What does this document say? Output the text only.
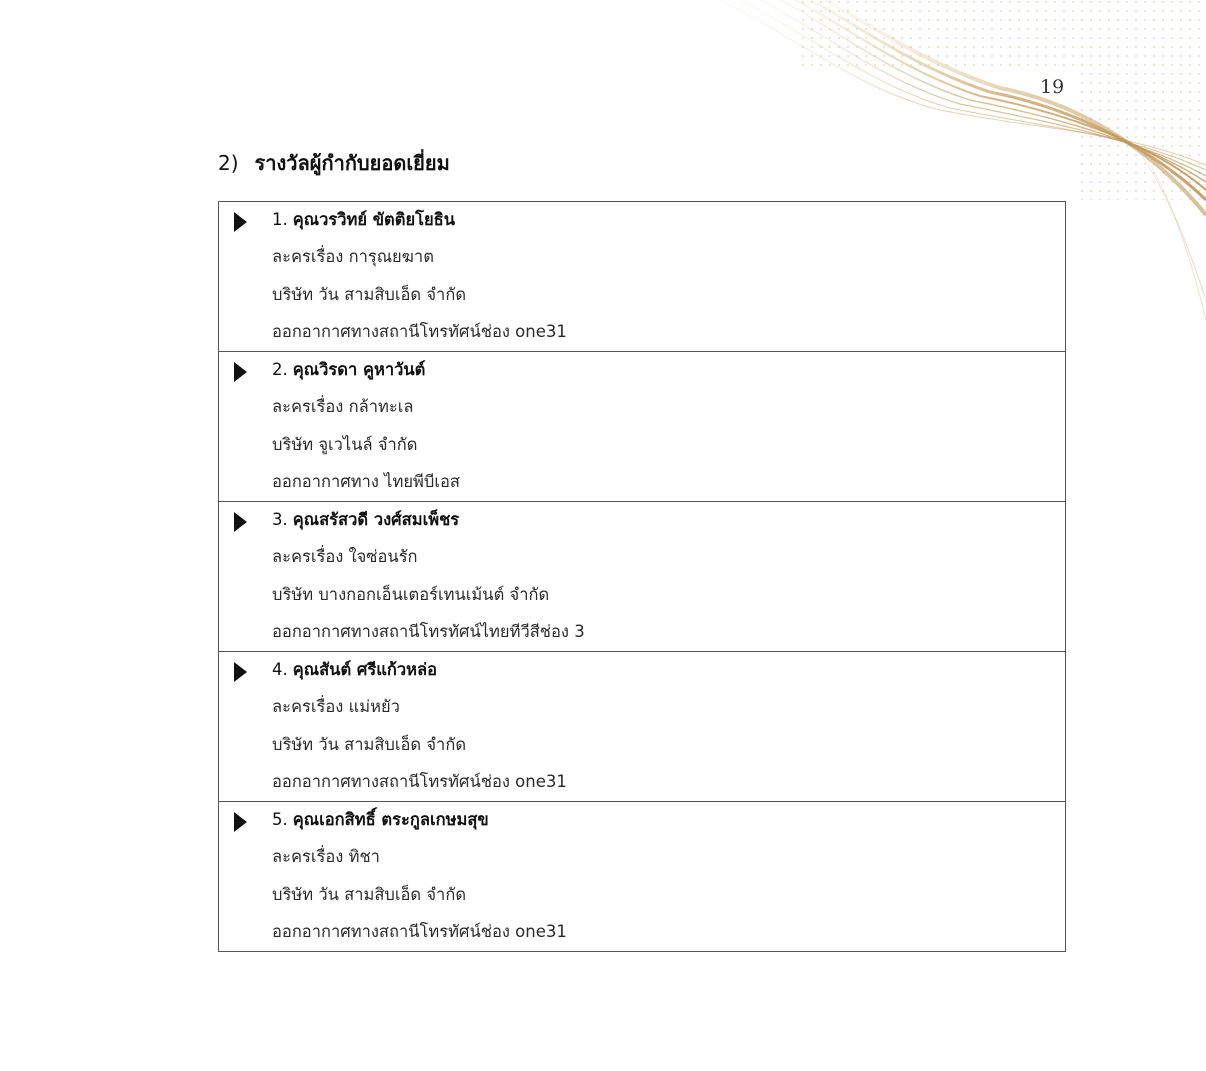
19
2) รางวัลผู้กำกับยอดเยี่ยม
1. คุณวรวิทย์ ขัตติยโยธิน
ละครเรื่อง การุณยฆาต
บริษัท วัน สามสิบเอ็ด จำกัด
ออกอากาศทางสถานีโทรทัศน์ช่อง one31
2. คุณวิรดา คูหาวันต์
ละครเรื่อง กล้าทะเล
บริษัท จูเวไนล์ จำกัด
ออกอากาศทาง ไทยพีบีเอส
3. คุณสรัสวดี วงศ์สมเพ็ชร
ละครเรื่อง ใจซ่อนรัก
บริษัท บางกอกเอ็นเตอร์เทนเม้นต์ จำกัด
ออกอากาศทางสถานีโทรทัศน์ไทยทีวีสีช่อง 3
4. คุณสันต์ ศรีแก้วหล่อ
ละครเรื่อง แม่หยัว
บริษัท วัน สามสิบเอ็ด จำกัด
ออกอากาศทางสถานีโทรทัศน์ช่อง one31
5. คุณเอกสิทธิ์ ตระกูลเกษมสุข
ละครเรื่อง ทิชา
บริษัท วัน สามสิบเอ็ด จำกัด
ออกอากาศทางสถานีโทรทัศน์ช่อง one31
